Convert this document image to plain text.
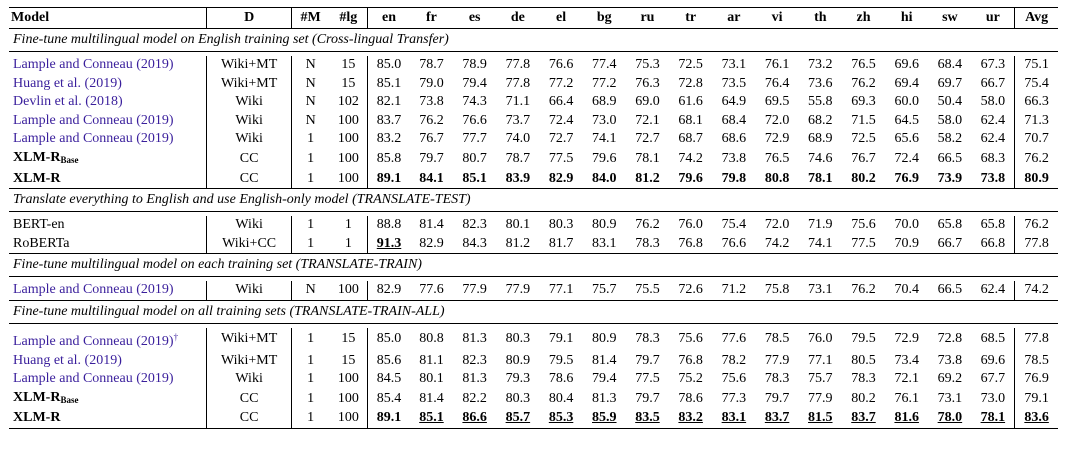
Model	D	#M	#lg	en	fr	es	de	el	bg	ru	tr	ar	vi	th	zh	hi	sw	ur	Avg
Fine-tune multilingual model on English training set (Cross-lingual Transfer)																			

Lample and Conneau (2019)	Wiki+MT	N	15	85.0	78.7	78.9	77.8	76.6	77.4	75.3	72.5	73.1	76.1	73.2	76.5	69.6	68.4	67.3	75.1
Huang et al. (2019)	Wiki+MT	N	15	85.1	79.0	79.4	77.8	77.2	77.2	76.3	72.8	73.5	76.4	73.6	76.2	69.4	69.7	66.7	75.4
Devlin et al. (2018)	Wiki	N	102	82.1	73.8	74.3	71.1	66.4	68.9	69.0	61.6	64.9	69.5	55.8	69.3	60.0	50.4	58.0	66.3
Lample and Conneau (2019)	Wiki	N	100	83.7	76.2	76.6	73.7	72.4	73.0	72.1	68.1	68.4	72.0	68.2	71.5	64.5	58.0	62.4	71.3
Lample and Conneau (2019)	Wiki	1	100	83.2	76.7	77.7	74.0	72.7	74.1	72.7	68.7	68.6	72.9	68.9	72.5	65.6	58.2	62.4	70.7
XLM-$R_{Base}$	CC	1	100	85.8	79.7	80.7	78.7	77.5	79.6	78.1	74.2	73.8	76.5	74.6	76.7	72.4	66.5	68.3	76.2
XLM-R	CC	1	100	89.1	84.1	85.1	83.9	82.9	84.0	81.2	79.6	79.8	80.8	78.1	80.2	76.9	73.9	73.8	80.9
Translate everything to English and use English-only model (TRANSLATE-TEST)																			

BERT-en	Wiki	1	1	88.8	81.4	82.3	80.1	80.3	80.9	76.2	76.0	75.4	72.0	71.9	75.6	70.0	65.8	65.8	76.2
RoBERTa	Wiki+CC	1	1	91.3	82.9	84.3	81.2	81.7	83.1	78.3	76.8	76.6	74.2	74.1	77.5	70.9	66.7	66.8	77.8
Fine-tune multilingual model on each training set (TRANSLATE-TRAIN)																			

Lample and Conneau (2019)	Wiki	N	100	82.9	77.6	77.9	77.9	77.1	75.7	75.5	72.6	71.2	75.8	73.1	76.2	70.4	66.5	62.4	74.2
Fine-tune multilingual model on all training sets (TRANSLATE-TRAIN-ALL)																			

Lample and Conneau (2019)†	Wiki+MT	1	15	85.0	80.8	81.3	80.3	79.1	80.9	78.3	75.6	77.6	78.5	76.0	79.5	72.9	72.8	68.5	77.8
Huang et al. (2019)	Wiki+MT	1	15	85.6	81.1	82.3	80.9	79.5	81.4	79.7	76.8	78.2	77.9	77.1	80.5	73.4	73.8	69.6	78.5
Lample and Conneau (2019)	Wiki	1	100	84.5	80.1	81.3	79.3	78.6	79.4	77.5	75.2	75.6	78.3	75.7	78.3	72.1	69.2	67.7	76.9
XLM-$R_{Base}$	CC	1	100	85.4	81.4	82.2	80.3	80.4	81.3	79.7	78.6	77.3	79.7	77.9	80.2	76.1	73.1	73.0	79.1
XLM-R	CC	1	100	89.1	85.1	86.6	85.7	85.3	85.9	83.5	83.2	83.1	83.7	81.5	83.7	81.6	78.0	78.1	83.6
